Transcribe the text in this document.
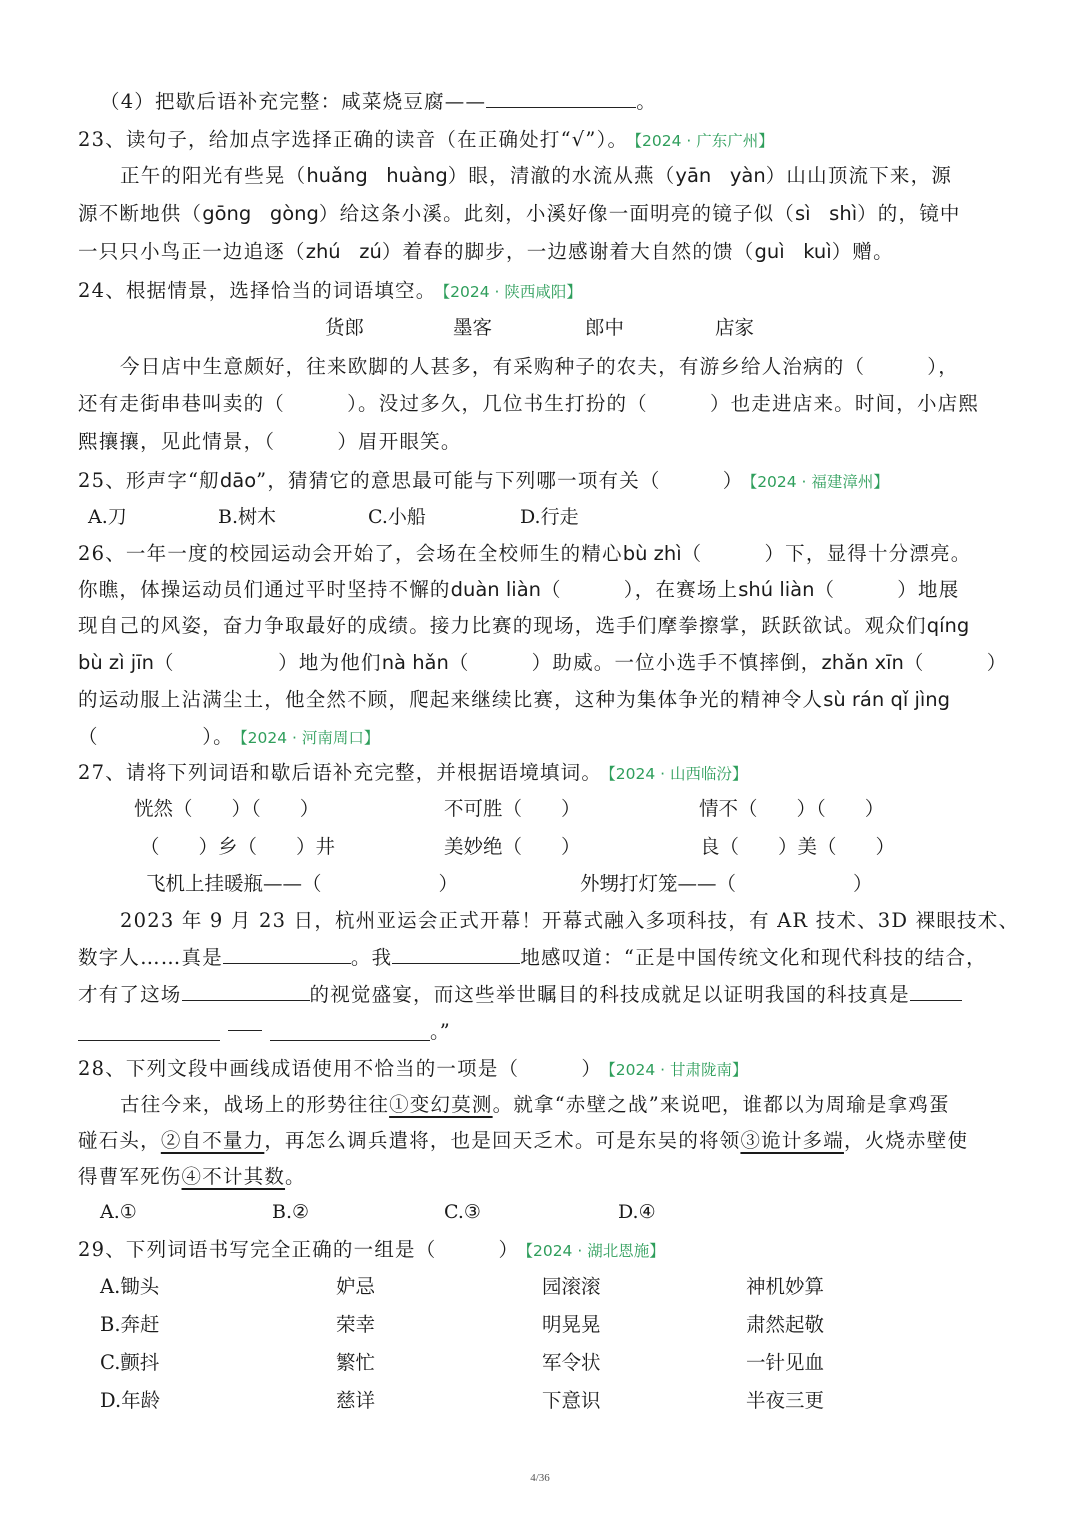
（4）把歇后语补充完整：咸菜烧豆腐——	。
23、读句子，给加点字选择正确的读音（在正确处打“√”）。 【2024 · 广东广州】
正午的阳光有些晃（huǎng   huàng）眼，清澈的水流从燕（yān   yàn）山山顶流下来，源
源不断地供（gōng   gòng）给这条小溪。此刻，小溪好像一面明亮的镜子似（sì   shì）的，镜中
一只只小鸟正一边追逐（zhú   zú）着春的脚步，一边感谢着大自然的馈（guì   kuì）赠。
24、根据情景，选择恰当的词语填空。 【2024 · 陕西咸阳】
货郎	墨客	郎中	店家
今日店中生意颇好，往来欧脚的人甚多，有采购种子的农夫，有游乡给人治病的（　　　），
还有走街串巷叫卖的（　　　）。没过多久，几位书生打扮的（　　　）也走进店来。时间，小店熙
熙攘攘，见此情景，（　　　）眉开眼笑。
25、形声字“舠dāo”，猜猜它的意思最可能与下列哪一项有关（　　　） 【2024 · 福建漳州】
A.刀	B.树木	C.小船	D.行走
26、一年一度的校园运动会开始了，会场在全校师生的精心bù zhì（　　　）下，显得十分漂亮。
你瞧，体操运动员们通过平时坚持不懈的duàn liàn（　　　），在赛场上shú liàn（　　　）地展
现自己的风姿，奋力争取最好的成绩。接力比赛的现场，选手们摩拳擦掌，跃跃欲试。观众们qíng
bù zì jīn（　　　　　）地为他们nà hǎn（　　　）助威。一位小选手不慎摔倒，zhǎn xīn（　　　）
的运动服上沾满尘土，他全然不顾，爬起来继续比赛，这种为集体争光的精神令人sù rán qǐ jìng
（　　　　　）。 【2024 · 河南周口】
27、请将下列词语和歇后语补充完整，并根据语境填词。 【2024 · 山西临汾】
恍然（　　）（　　）	不可胜（　　）	情不（　　）（　　）
（　　）乡（　　）井	美妙绝（　　）	良（　　）美（　　）
飞机上挂暖瓶——（　　　　　　）	外甥打灯笼——（　　　　　　）
2023 年 9 月 23 日，杭州亚运会正式开幕！开幕式融入多项科技，有 AR 技术、3D 裸眼技术、
数字人……真是	。我	地感叹道：“正是中国传统文化和现代科技的结合，
才有了这场	的视觉盛宴，而这些举世瞩目的科技成就足以证明我国的科技真是
。”
28、下列文段中画线成语使用不恰当的一项是（　　　） 【2024 · 甘肃陇南】
古往今来，战场上的形势往往①变幻莫测。就拿“赤壁之战”来说吧，谁都以为周瑜是拿鸡蛋
碰石头，②自不量力，再怎么调兵遣将，也是回天乏术。可是东吴的将领③诡计多端，火烧赤壁使
得曹军死伤④不计其数。
A.①	B.②	C.③	D.④
29、下列词语书写完全正确的一组是（　　　） 【2024 · 湖北恩施】
A.锄头	妒忌	园滚滚	神机妙算
B.奔赶	荣幸	明晃晃	肃然起敬
C.颤抖	繁忙	军令状	一针见血
D.年龄	慈详	下意识	半夜三更
4/36
